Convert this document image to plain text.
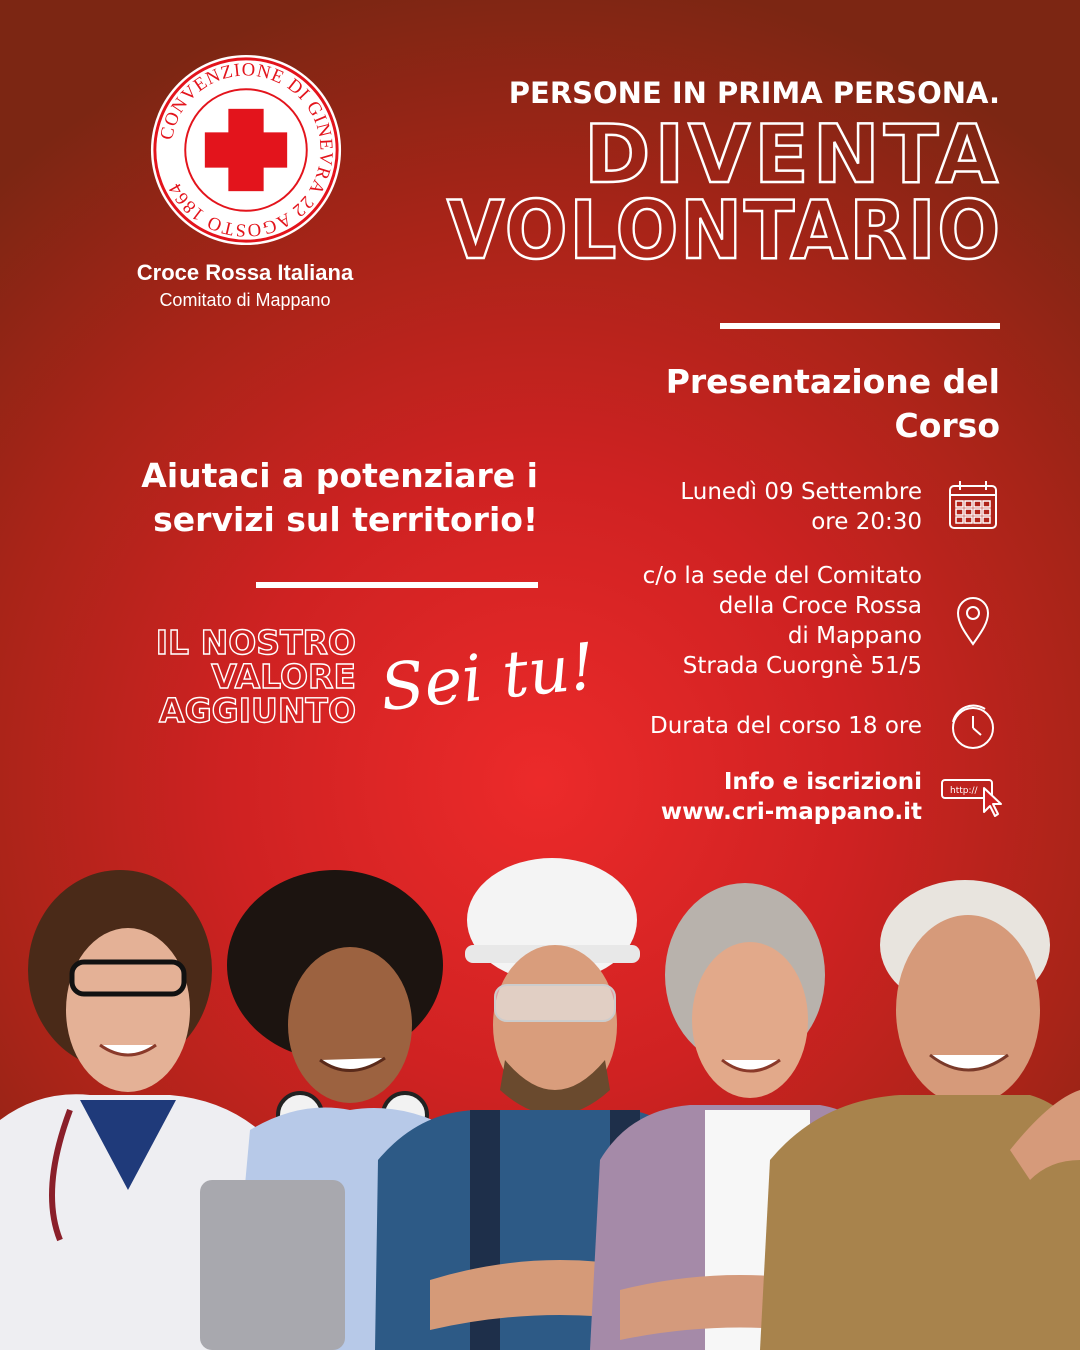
CONVENZIONE DI GINEVRA 22 AGOSTO 1864
Croce Rossa Italiana
Comitato di Mappano
PERSONE IN PRIMA PERSONA.
DIVENTA
VOLONTARIO
Presentazione del Corso
Aiutaci a potenziare i servizi sul territorio!
IL NOSTRO
VALORE
AGGIUNTO Sei tu!
Lunedì 09 Settembre
ore 20:30
c/o la sede del Comitato
della Croce Rossa
di Mappano
Strada Cuorgnè 51/5
Durata del corso 18 ore
Info e iscrizioni
www.cri-mappano.it
http://
